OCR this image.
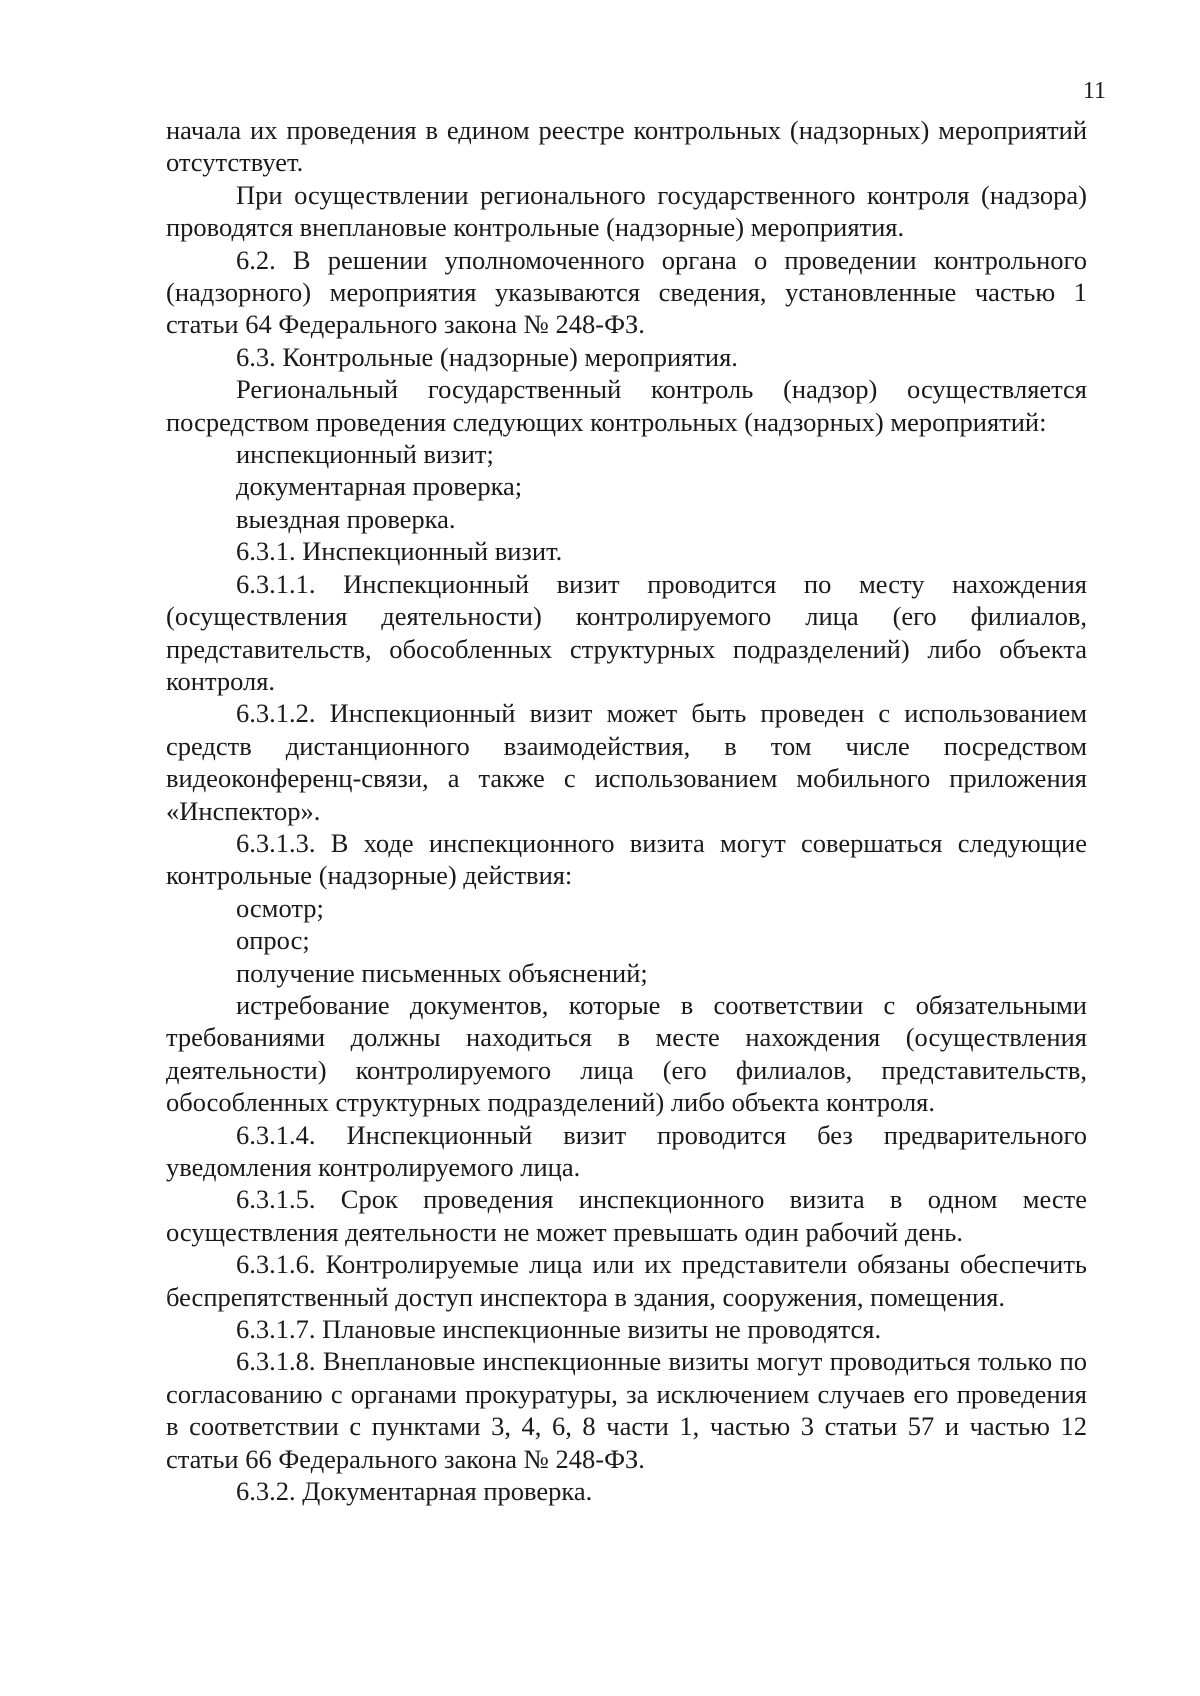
11

начала их проведения в едином реестре контрольных (надзорных) мероприятий отсутствует.

При осуществлении регионального государственного контроля (надзора) проводятся внеплановые контрольные (надзорные) мероприятия.

6.2. В решении уполномоченного органа о проведении контрольного (надзорного) мероприятия указываются сведения, установленные частью 1 статьи 64 Федерального закона № 248-ФЗ.

6.3. Контрольные (надзорные) мероприятия.

Региональный государственный контроль (надзор) осуществляется посредством проведения следующих контрольных (надзорных) мероприятий:

инспекционный визит;

документарная проверка;

выездная проверка.

6.3.1. Инспекционный визит.

6.3.1.1. Инспекционный визит проводится по месту нахождения (осуществления деятельности) контролируемого лица (его филиалов, представительств, обособленных структурных подразделений) либо объекта контроля.

6.3.1.2. Инспекционный визит может быть проведен с использованием средств дистанционного взаимодействия, в том числе посредством видеоконференц-связи, а также с использованием мобильного приложения «Инспектор».

6.3.1.3. В ходе инспекционного визита могут совершаться следующие контрольные (надзорные) действия:

осмотр;

опрос;

получение письменных объяснений;

истребование документов, которые в соответствии с обязательными требованиями должны находиться в месте нахождения (осуществления деятельности) контролируемого лица (его филиалов, представительств, обособленных структурных подразделений) либо объекта контроля.

6.3.1.4. Инспекционный визит проводится без предварительного уведомления контролируемого лица.

6.3.1.5. Срок проведения инспекционного визита в одном месте осуществления деятельности не может превышать один рабочий день.

6.3.1.6. Контролируемые лица или их представители обязаны обеспечить беспрепятственный доступ инспектора в здания, сооружения, помещения.

6.3.1.7. Плановые инспекционные визиты не проводятся.

6.3.1.8. Внеплановые инспекционные визиты могут проводиться только по согласованию с органами прокуратуры, за исключением случаев его проведения в соответствии с пунктами 3, 4, 6, 8 части 1, частью 3 статьи 57 и частью 12 статьи 66 Федерального закона № 248-ФЗ.

6.3.2. Документарная проверка.
